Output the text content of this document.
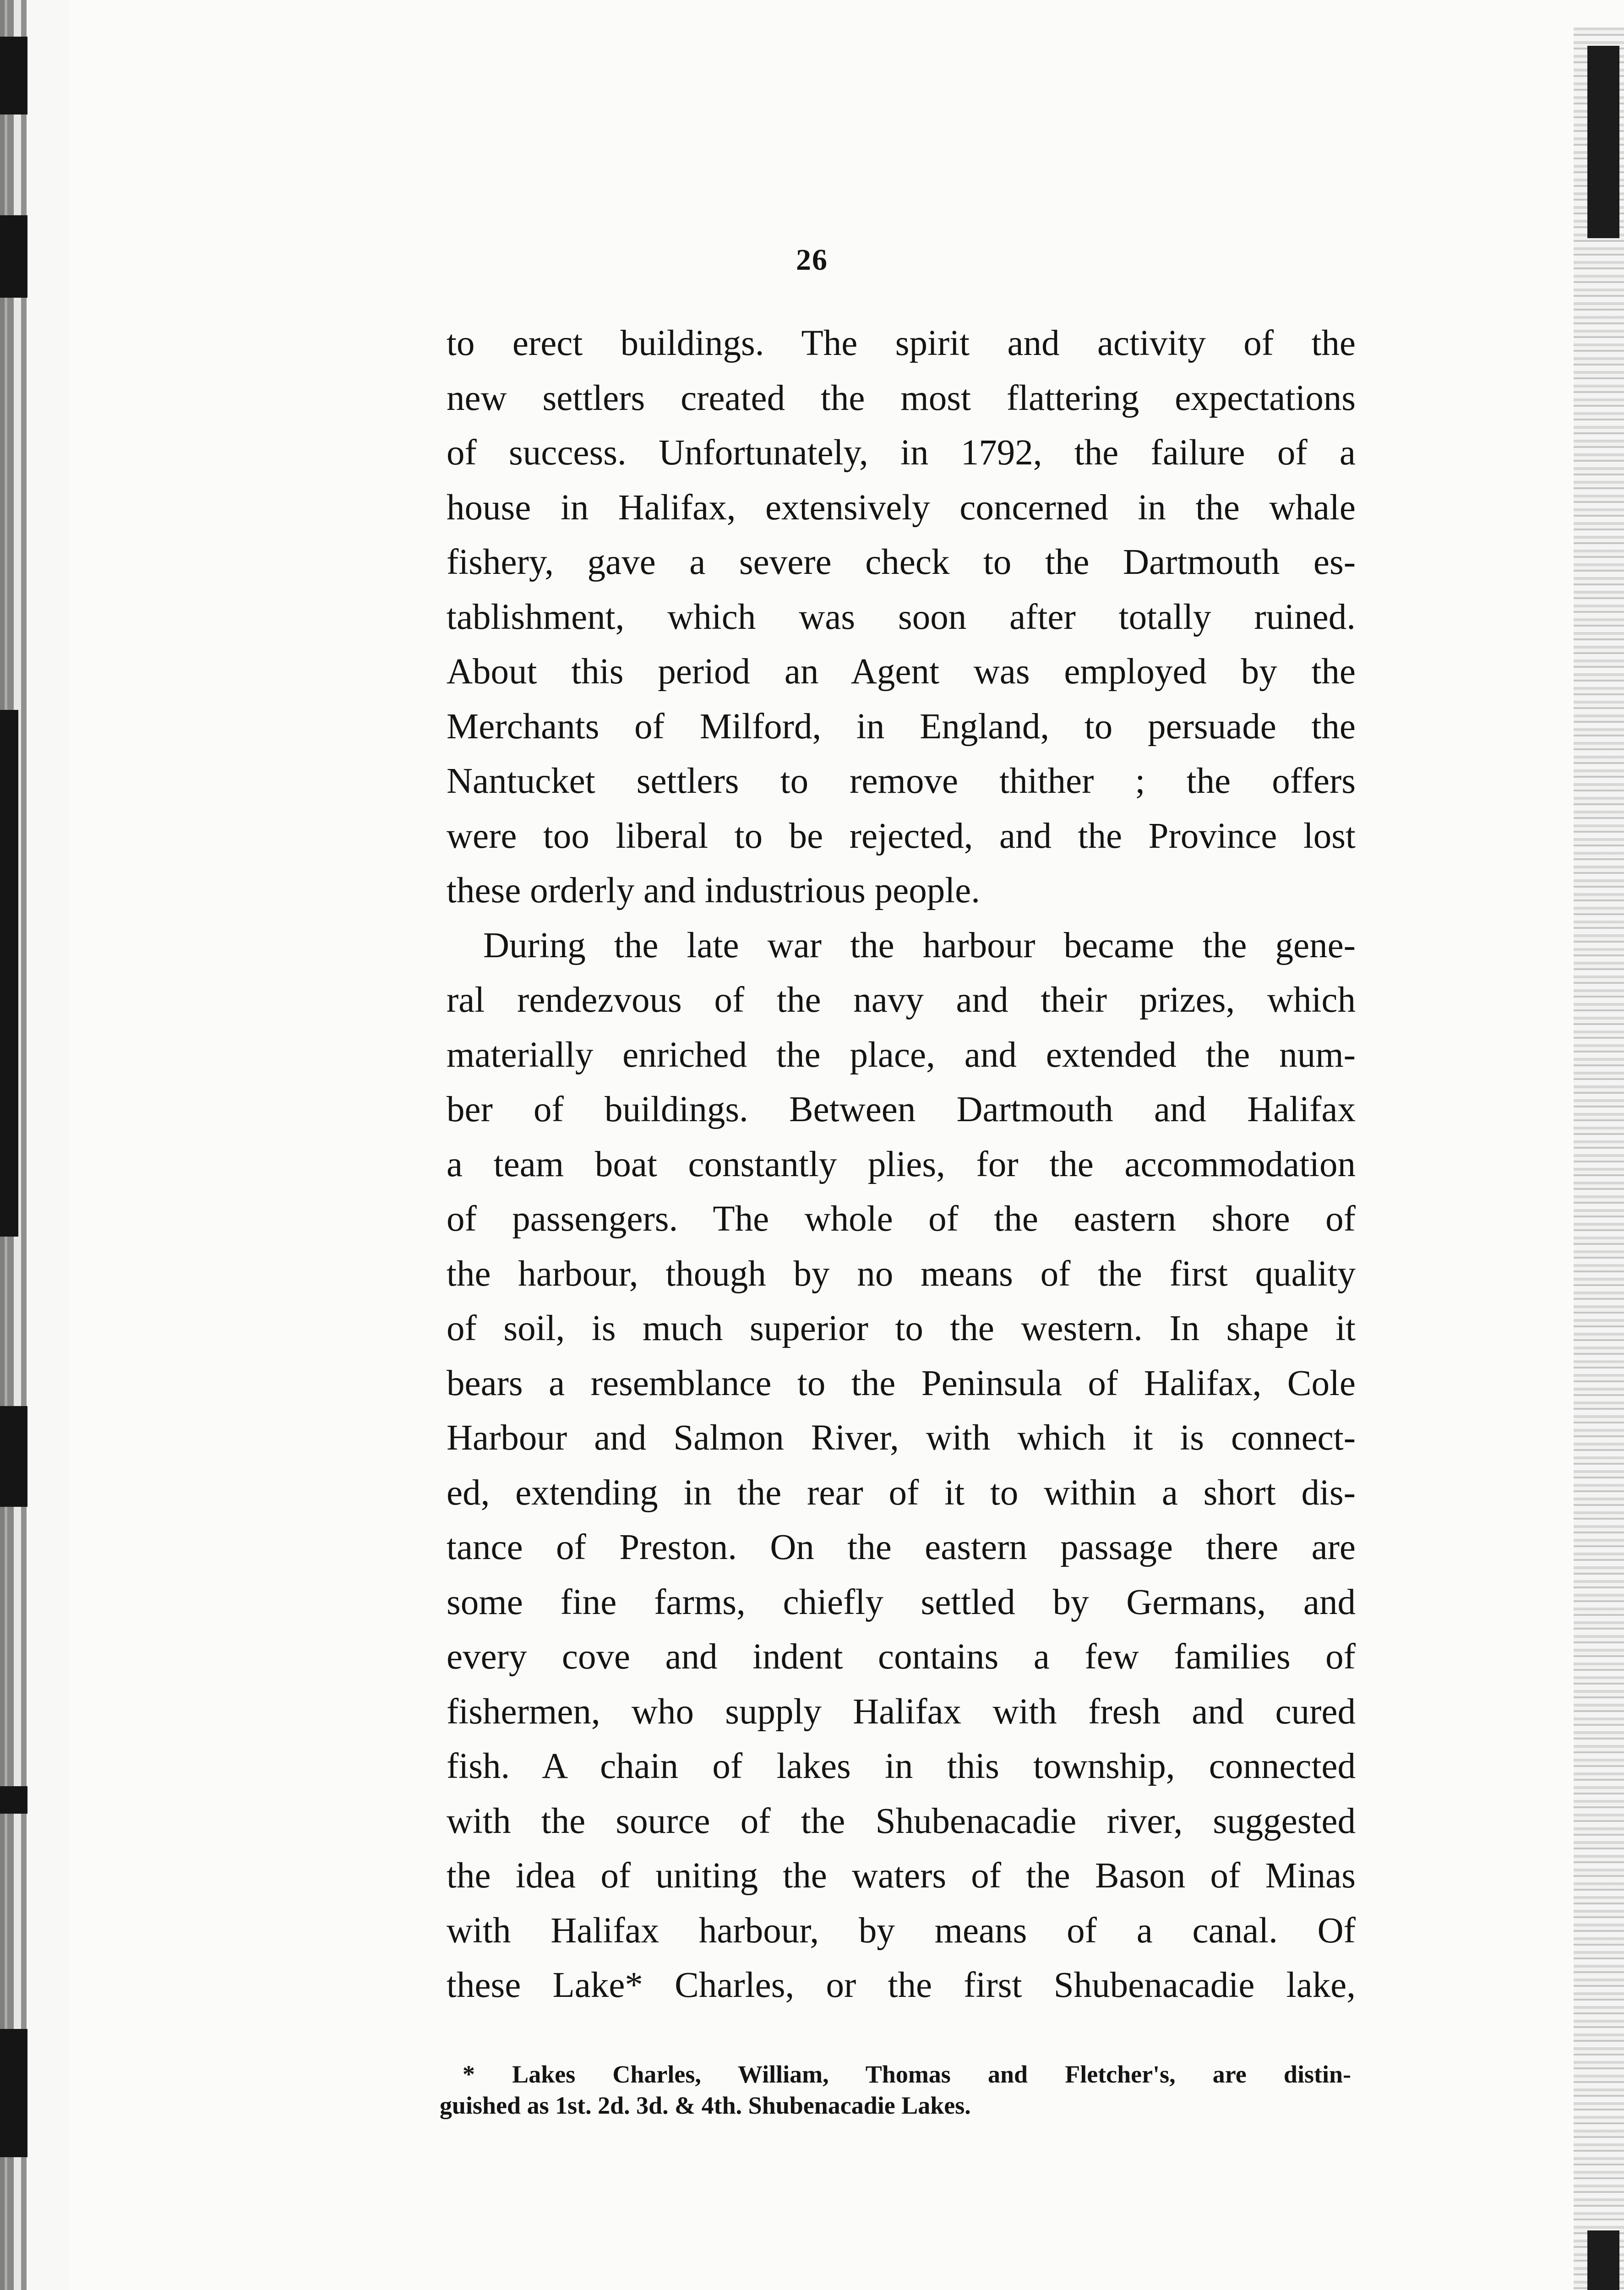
26
to erect buildings. The spirit and activity of the
new settlers created the most flattering expectations
of success. Unfortunately, in 1792, the failure of a
house in Halifax, extensively concerned in the whale
fishery, gave a severe check to the Dartmouth es-
tablishment, which was soon after totally ruined.
About this period an Agent was employed by the
Merchants of Milford, in England, to persuade the
Nantucket settlers to remove thither ; the offers
were too liberal to be rejected, and the Province lost
these orderly and industrious people.
During the late war the harbour became the gene-
ral rendezvous of the navy and their prizes, which
materially enriched the place, and extended the num-
ber of buildings. Between Dartmouth and Halifax
a team boat constantly plies, for the accommodation
of passengers. The whole of the eastern shore of
the harbour, though by no means of the first quality
of soil, is much superior to the western. In shape it
bears a resemblance to the Peninsula of Halifax, Cole
Harbour and Salmon River, with which it is connect-
ed, extending in the rear of it to within a short dis-
tance of Preston. On the eastern passage there are
some fine farms, chiefly settled by Germans, and
every cove and indent contains a few families of
fishermen, who supply Halifax with fresh and cured
fish. A chain of lakes in this township, connected
with the source of the Shubenacadie river, suggested
the idea of uniting the waters of the Bason of Minas
with Halifax harbour, by means of a canal. Of
these Lake* Charles, or the first Shubenacadie lake,
* Lakes Charles, William, Thomas and Fletcher's, are distin-
guished as 1st. 2d. 3d. & 4th. Shubenacadie Lakes.
